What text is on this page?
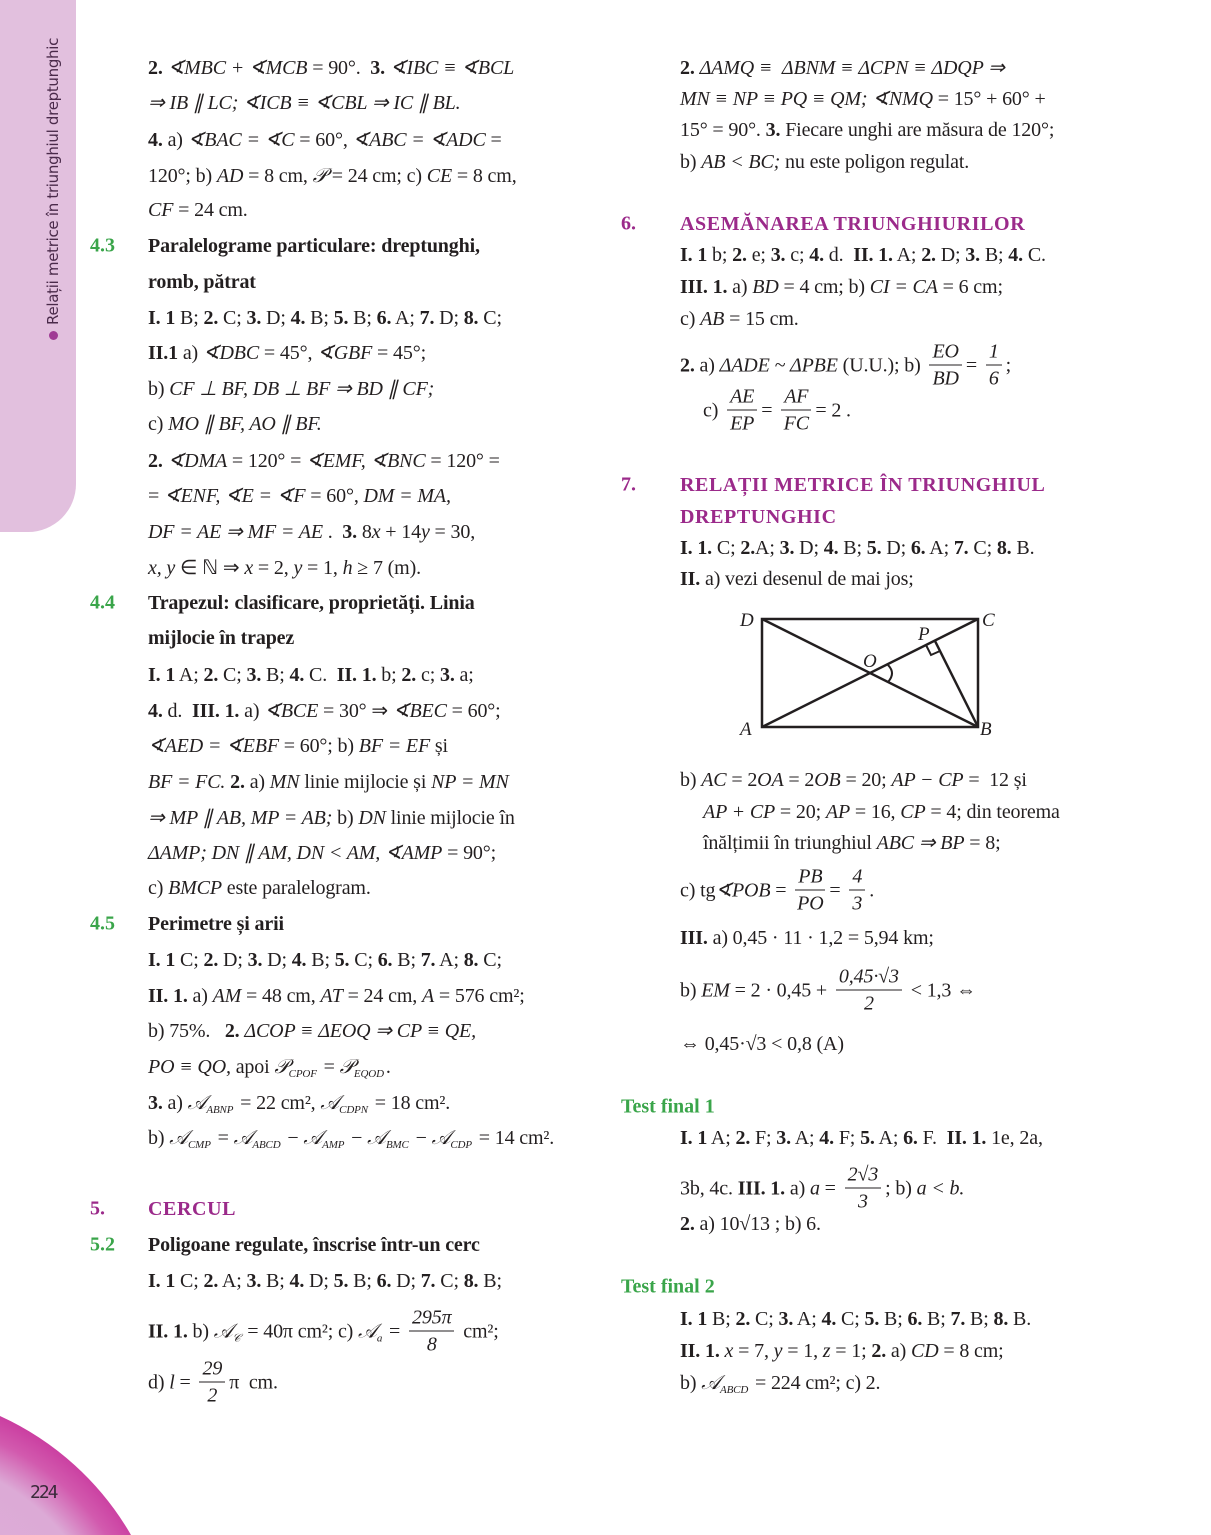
Relații metrice în triunghiul dreptunghic
224
2. ∢MBC + ∢MCB = 90°. 3. ∢IBC ≡ ∢BCL
⇒ IB ∥ LC; ∢ICB ≡ ∢CBL ⇒ IC ∥ BL.
4. a) ∢BAC = ∢C = 60°, ∢ABC = ∢ADC =
120°; b) AD = 8 cm, 𝒫 = 24 cm; c) CE = 8 cm,
CF = 24 cm.
4.3 Paralelograme particulare: dreptunghi,
romb, pătrat
I. 1 B; 2. C; 3. D; 4. B; 5. B; 6. A; 7. D; 8. C;
II.1 a) ∢DBC = 45°, ∢GBF = 45°;
b) CF ⊥ BF, DB ⊥ BF ⇒ BD ∥ CF;
c) MO ∥ BF, AO ∥ BF.
2. ∢DMA = 120° = ∢EMF, ∢BNC = 120° =
= ∢ENF, ∢E = ∢F = 60°, DM = MA,
DF = AE ⇒ MF = AE . 3. 8 x + 14 y = 30,
x, y ∈ ℕ ⇒ x = 2, y = 1, h ≥ 7 (m).
4.4 Trapezul: clasificare, proprietăți. Linia
mijlocie în trapez
I. 1 A; 2. C; 3. B; 4. C. II. 1. b; 2. c; 3. a;
4. d. III. 1. a) ∢BCE = 30° ⇒ ∢BEC = 60°;
∢AED = ∢EBF = 60°; b) BF = EF și
BF = FC.
2. a) MN linie mijlocie și NP = MN
⇒ MP ∥ AB, MP = AB; b) DN linie mijlocie în
ΔAMP; DN ∥ AM, DN < AM, ∢AMP = 90°;
c) BMCP este paralelogram.
4.5 Perimetre și arii
I. 1 C; 2. D; 3. D; 4. B; 5. C; 6. B; 7. A; 8. C;
II. 1. a) AM = 48 cm, AT = 24 cm, A = 576 cm²;
b) 75%. 2.
ΔCOP ≡ ΔEOQ ⇒ CP ≡ QE,
PO ≡ QO, apoi 𝒫 CPOF = 𝒫 EQOD .
3. a) 𝒜 ABNP = 22 cm², 𝒜 CDPN = 18 cm².
b) 𝒜 CMP = 𝒜 ABCD − 𝒜 AMP − 𝒜 BMC − 𝒜 CDP = 14 cm².
5. CERCUL
5.2 Poligoane regulate, înscrise într-un cerc
I. 1 C; 2. A; 3. B; 4. D; 5. B; 6. D; 7. C; 8. B;
II. 1. b) 𝒜 𝒞 = 40π cm²; c) 𝒜 $a = \frac{295\pi}{8} cm^2$;
d) $l = \frac{29}{2}$ π  cm.
2. ΔAMQ ≡  ΔBNM ≡ ΔCPN ≡ ΔDQP ⇒
MN ≡ NP ≡ PQ ≡ QM; ∢NMQ = 15° + 60° +
15° = 90°. 3. Fiecare unghi are măsura de 120°;
b) AB < BC; nu este poligon regulat.
6. ASEMĂNAREA TRIUNGHIURILOR
I. 1 b; 2. e; 3. c; 4. d. II. 1. A; 2. D; 3. B; 4. C.
III. 1. a) BD = 4 cm; b) CI = CA = 6 cm;
c) AB = 15 cm.
2. a) ΔADE ~ ΔPBE (U.U.); $b) \frac{EO}{BD} = \frac{1}{6}$ ;
$c) \frac{AE}{EP} = \frac{AF}{FC} = 2$ .
7. RELAȚII METRICE ÎN TRIUNGHIUL
DREPTUNGHIC
I. 1. C; 2. A; 3. D; 4. B; 5. D; 6. A; 7. C; 8. B.
II. a) vezi desenul de mai jos;
b) AC = 2 OA = 2 OB = 20; AP − CP =  12 și
AP + CP = 20; AP = 16, CP = 4; din teorema
înălțimii în triunghiul ABC ⇒ BP = 8;
c) tg ∢POB = $\frac{PB}{PO} = \frac{4}{3}$ .
III. a) 0,45 · 11 · 1,2 = 5,94 km;
b) EM = $2 \cdot 0,45 + \frac{0,45\cdot√3}{2} < 1,3$ ⇔
⇔ 0,45·√3 < 0,8 (A)
Test final 1
I. 1 A; 2. F; 3. A; 4. F; 5. A; 6. F. II. 1. 1e, 2a,
3b, 4c. III. 1. a) $a = \frac{2√3}{3}$ ; b) a < b.
2. a) 10√13 ; b) 6.
Test final 2
I. 1 B; 2. C; 3. A; 4. C; 5. B; 6. B; 7. B; 8. B.
II. 1.
x = 7, y = 1, z = 1; 2. a) CD = 8 cm;
b) 𝒜 ABCD = 224 cm²; c) 2.
D	C
A	B
O
P
